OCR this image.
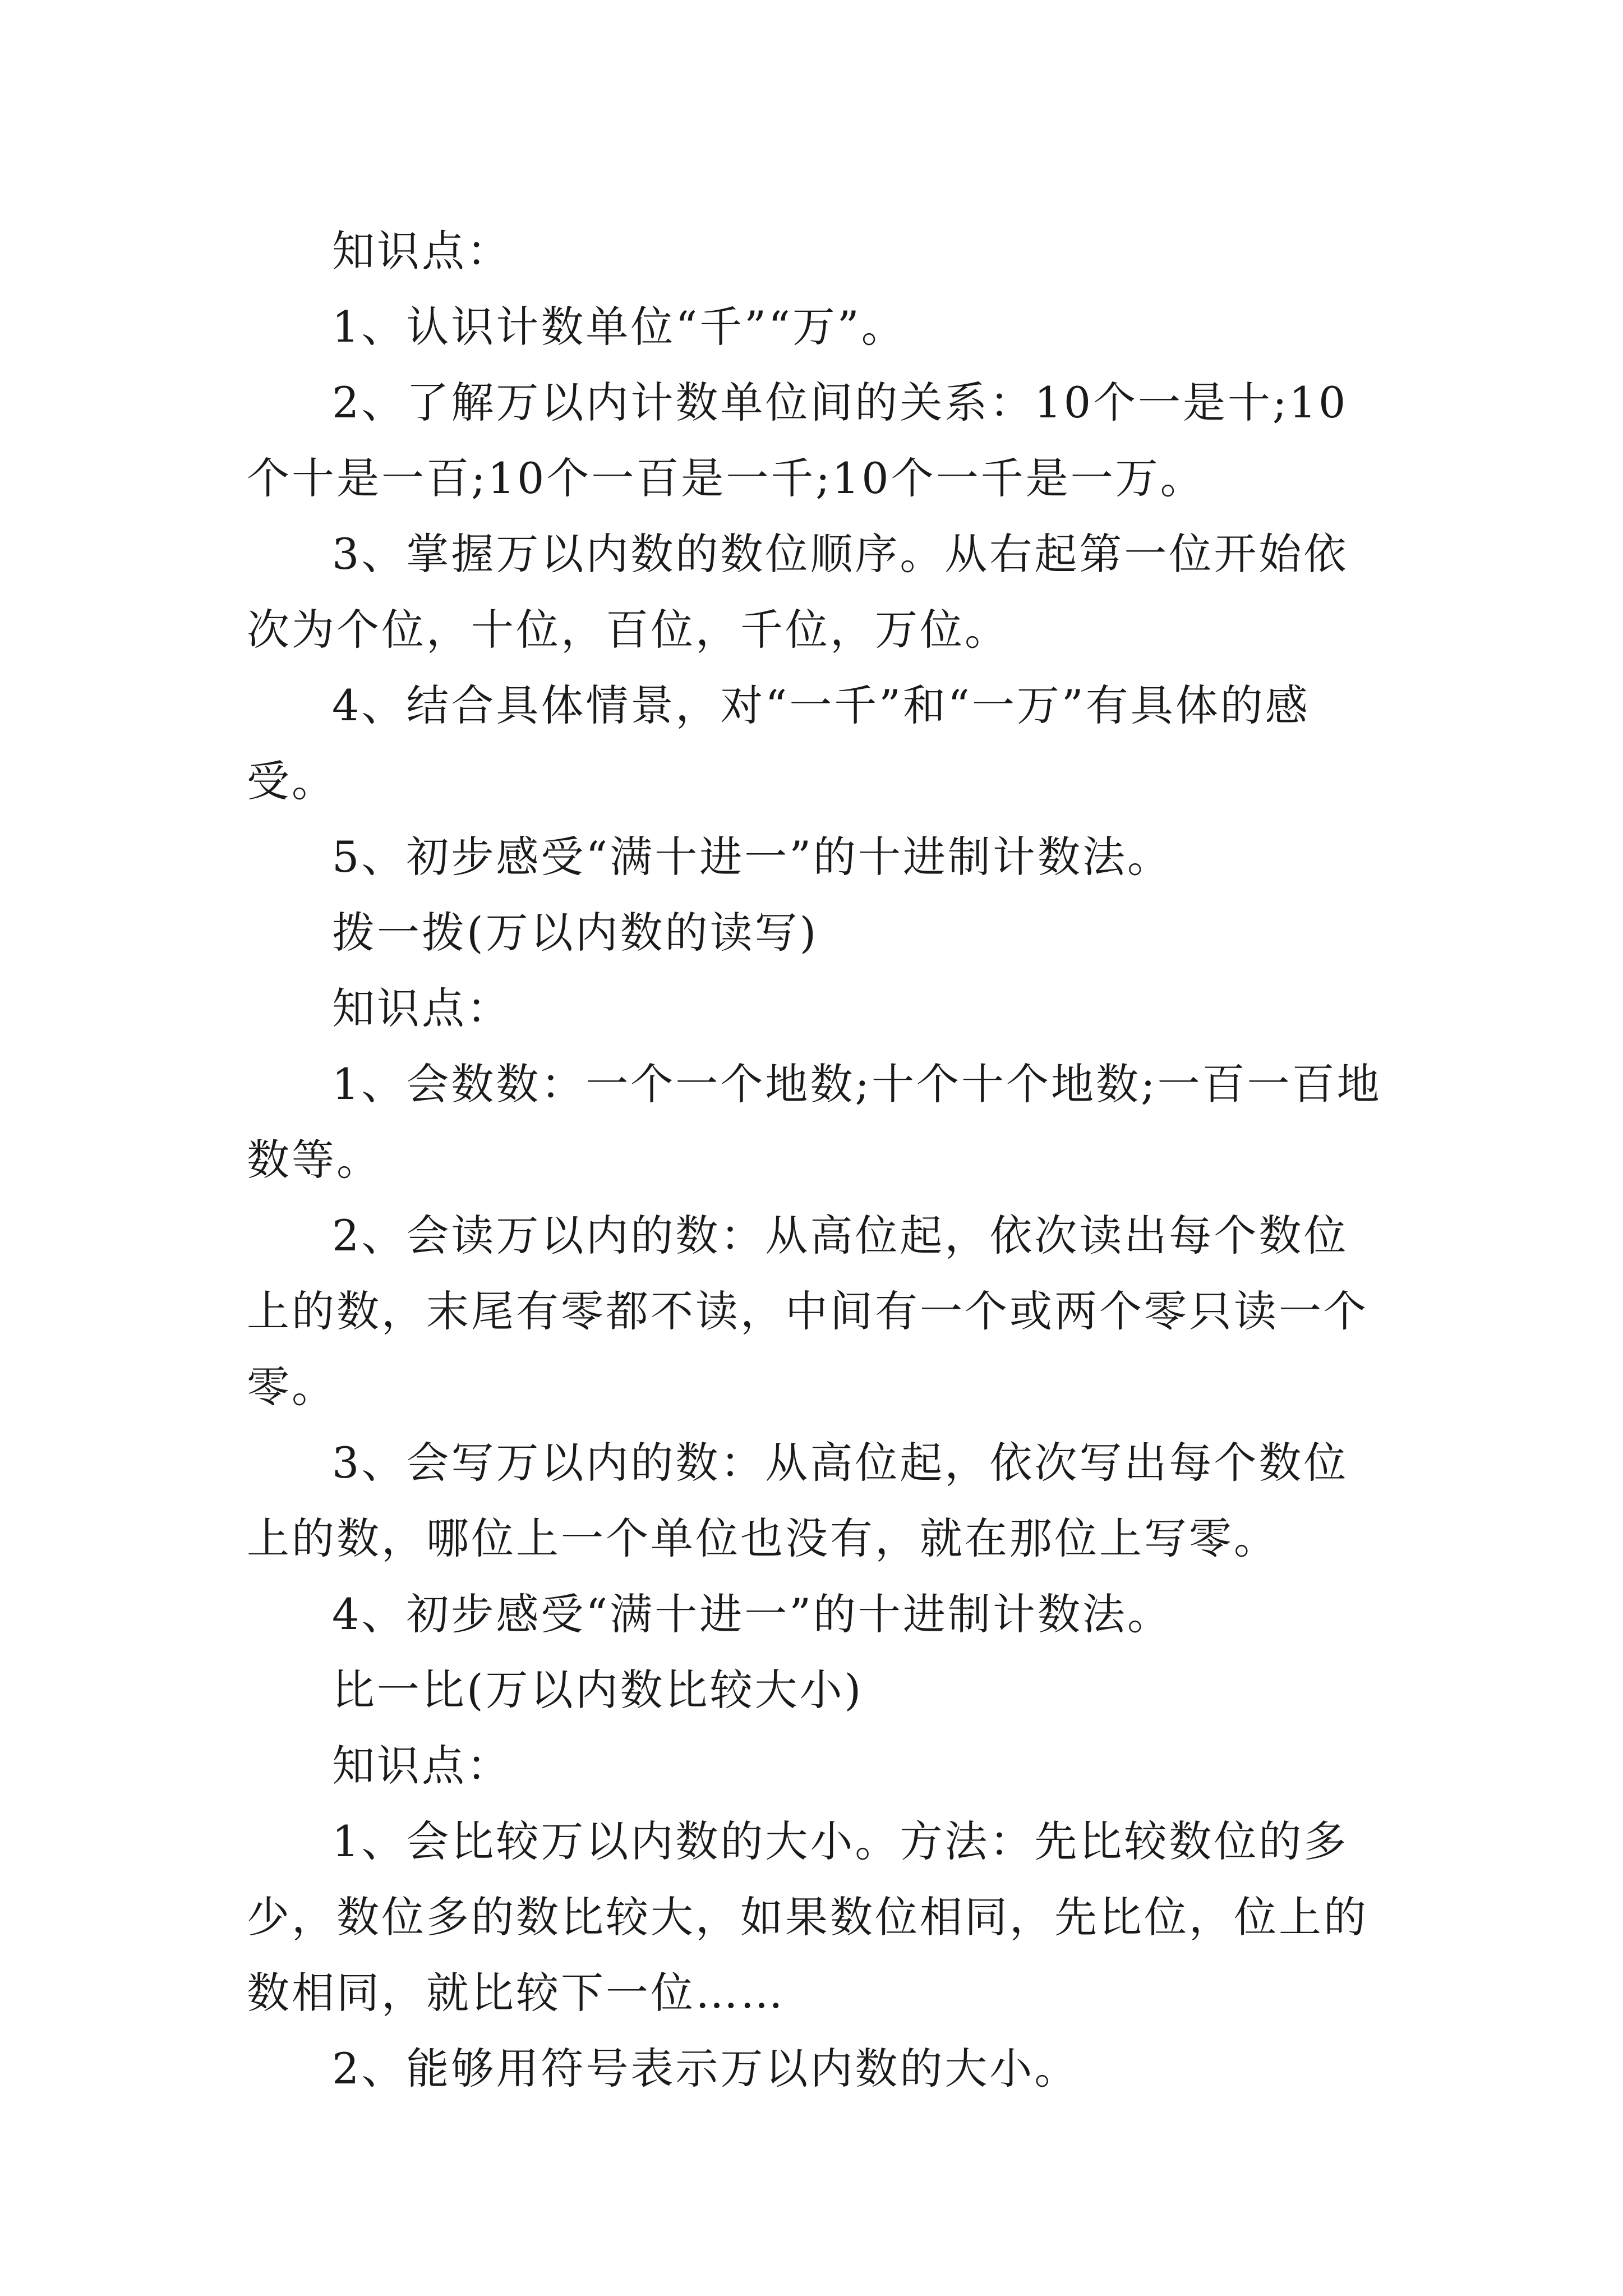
知识点：

1、认识计数单位“千”“万”。

2、了解万以内计数单位间的关系：10个一是十;10个十是一百;10个一百是一千;10个一千是一万。

3、掌握万以内数的数位顺序。从右起第一位开始依次为个位，十位，百位，千位，万位。

4、结合具体情景，对“一千”和“一万”有具体的感受。

5、初步感受“满十进一”的十进制计数法。

拨一拨(万以内数的读写)

知识点：

1、会数数：一个一个地数;十个十个地数;一百一百地数等。

2、会读万以内的数：从高位起，依次读出每个数位上的数，末尾有零都不读，中间有一个或两个零只读一个零。

3、会写万以内的数：从高位起，依次写出每个数位上的数，哪位上一个单位也没有，就在那位上写零。

4、初步感受“满十进一”的十进制计数法。

比一比(万以内数比较大小)

知识点：

1、会比较万以内数的大小。方法：先比较数位的多少，数位多的数比较大，如果数位相同，先比位，位上的数相同，就比较下一位……

2、能够用符号表示万以内数的大小。
